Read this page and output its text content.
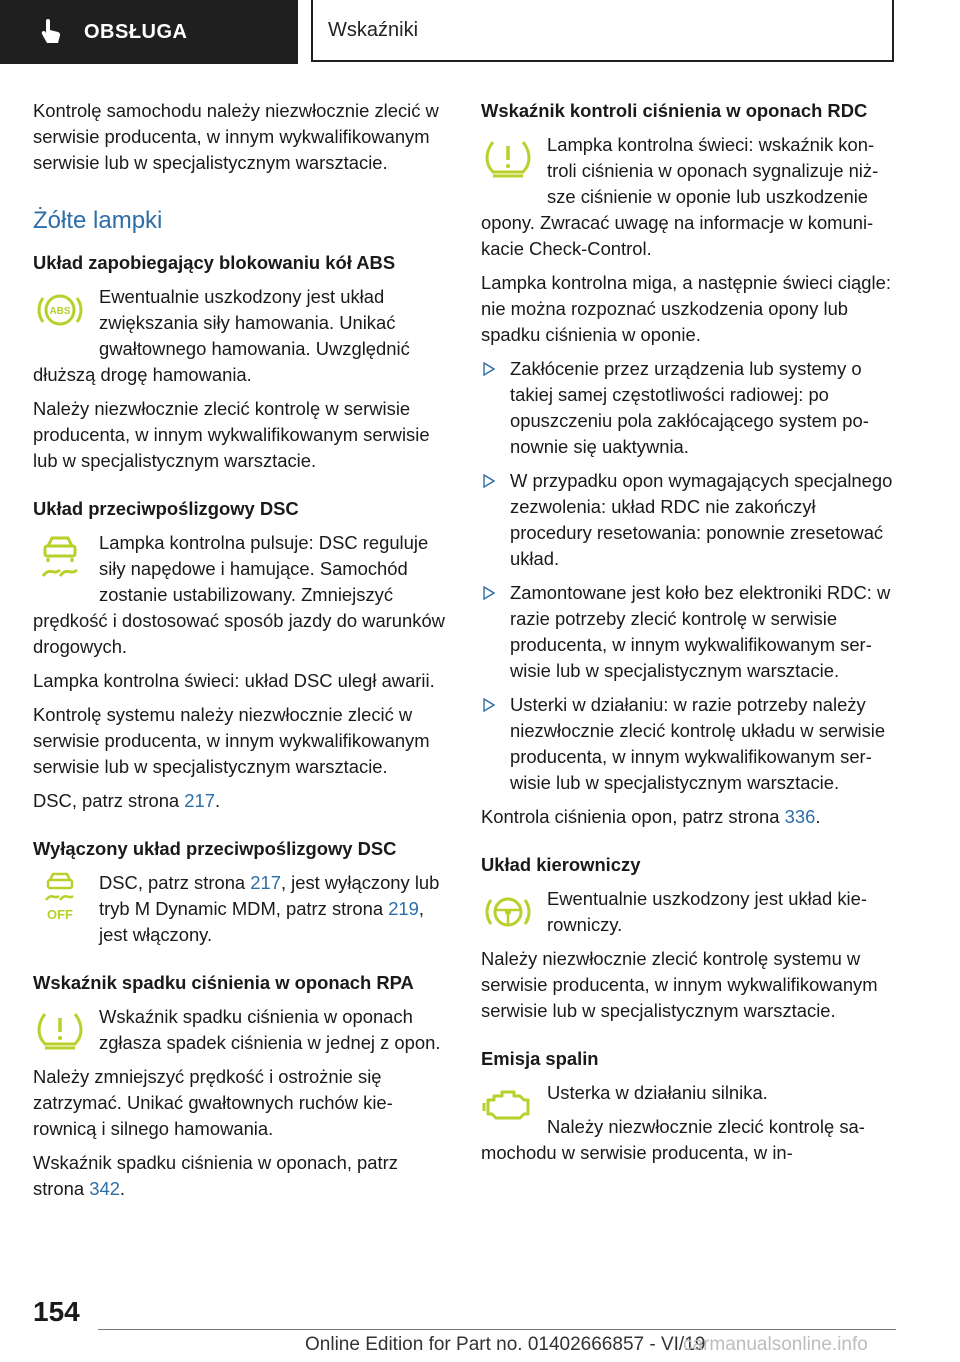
OBSŁUGA	Wskaźniki

Kontrolę samochodu należy niezwłocznie zlecić w serwisie producenta, w innym wykwalifikowanym serwisie lub w specjalistycznym warsztacie.

Żółte lampki
Układ zapobiegający blokowaniu kół ABS
ABS

Ewentualnie uszkodzony jest układ zwiększania siły hamowania. Unikać gwałtownego hamowania. Uwzględnić dłuższą drogę hamowania.

Należy niezwłocznie zlecić kontrolę w serwisie producenta, w innym wykwalifikowanym serwisie lub w specjalistycznym warsztacie.

Układ przeciwpoślizgowy DSC

Lampka kontrolna pulsuje: DSC reguluje siły napędowe i hamujące. Samochód zostanie ustabilizowany. Zmniejszyć prędkość i dostosować sposób jazdy do warunków drogowych.

Lampka kontrolna świeci: układ DSC uległ awarii.

Kontrolę systemu należy niezwłocznie zlecić w serwisie producenta, w innym wykwalifikowanym serwisie lub w specjalistycznym warsztacie.

DSC, patrz strona 217.

Wyłączony układ przeciwpoślizgowy DSC
OFF

DSC, patrz strona 217, jest wyłączony lub tryb M Dynamic MDM, patrz strona 219, jest włączony.

Wskaźnik spadku ciśnienia w oponach RPA

Wskaźnik spadku ciśnienia w oponach zgłasza spadek ciśnienia w jednej z opon.

Należy zmniejszyć prędkość i ostrożnie się zatrzymać. Unikać gwałtownych ruchów kierownicą i silnego hamowania.

Wskaźnik spadku ciśnienia w oponach, patrz strona 342.

Wskaźnik kontroli ciśnienia w oponach RDC

Lampka kontrolna świeci: wskaźnik kontroli ciśnienia w oponach sygnalizuje niższe ciśnienie w oponie lub uszkodzenie opony. Zwracać uwagę na informacje w komunikacie Check-Control.

Lampka kontrolna miga, a następnie świeci ciągle: nie można rozpoznać uszkodzenia opony lub spadku ciśnienia w oponie.

Zakłócenie przez urządzenia lub systemy o takiej samej częstotliwości radiowej: po opuszczeniu pola zakłócającego system ponownie się uaktywnia.
W przypadku opon wymagających specjalnego zezwolenia: układ RDC nie zakończył procedury resetowania: ponownie zresetować układ.
Zamontowane jest koło bez elektroniki RDC: w razie potrzeby zlecić kontrolę w serwisie producenta, w innym wykwalifikowanym serwisie lub w specjalistycznym warsztacie.
Usterki w działaniu: w razie potrzeby należy niezwłocznie zlecić kontrolę układu w serwisie producenta, w innym wykwalifikowanym serwisie lub w specjalistycznym warsztacie.

Kontrola ciśnienia opon, patrz strona 336.

Układ kierowniczy

Ewentualnie uszkodzony jest układ kierowniczy.

Należy niezwłocznie zlecić kontrolę systemu w serwisie producenta, w innym wykwalifikowanym serwisie lub w specjalistycznym warsztacie.

Emisja spalin

Usterka w działaniu silnika.

Należy niezwłocznie zlecić kontrolę samochodu w serwisie producenta, w in-

154
Online Edition for Part no. 01402666857 - VI/19
carmanualsonline.info
